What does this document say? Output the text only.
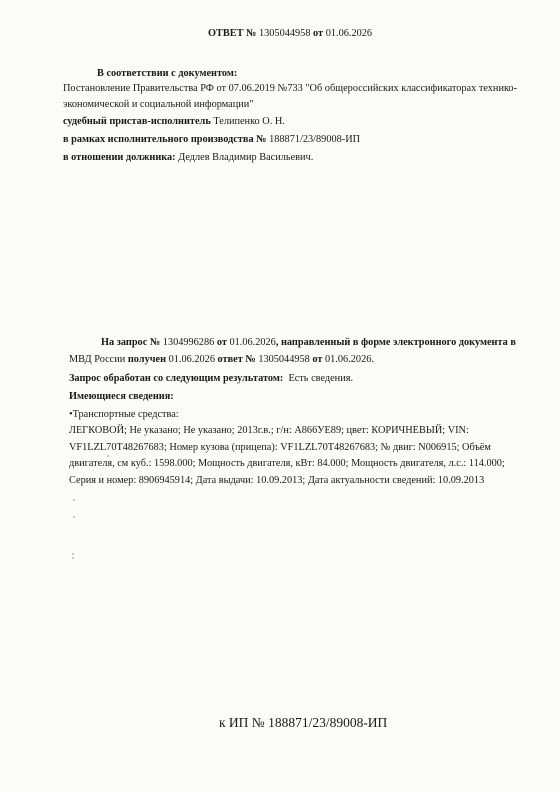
ОТВЕТ № 1305044958 от 01.06.2026
В соответствии с документом:
Постановление Правительства РФ от 07.06.2019 №733 "Об общероссийских классификаторах технико-
экономической и социальной информации"
судебный пристав-исполнитель Телипенко О. Н.
в рамках исполнительного производства № 188871/23/89008-ИП
в отношении должника: Дедлев Владимир Васильевич.
На запрос № 1304996286 от 01.06.2026, направленный в форме электронного документа в
МВД России получен 01.06.2026 ответ № 1305044958 от 01.06.2026.
Запрос обработан со следующим результатом: Есть сведения.
Имеющиеся сведения:
•Транспортные средства:
ЛЕГКОВОЙ; Не указано; Не указано; 2013г.в.; г/н: А866УЕ89; цвет: КОРИЧНЕВЫЙ; VIN:
VF1LZL70T48267683; Номер кузова (прицепа): VF1LZL70T48267683; № двиг: N006915; Объём
двигателя, см куб.: 1598.000; Мощность двигателя, кВт: 84.000; Мощность двигателя, л.с.: 114.000;
Серия и номер: 8906945914; Дата выдачи: 10.09.2013; Дата актуальности сведений: 10.09.2013
к ИП № 188871/23/89008-ИП
